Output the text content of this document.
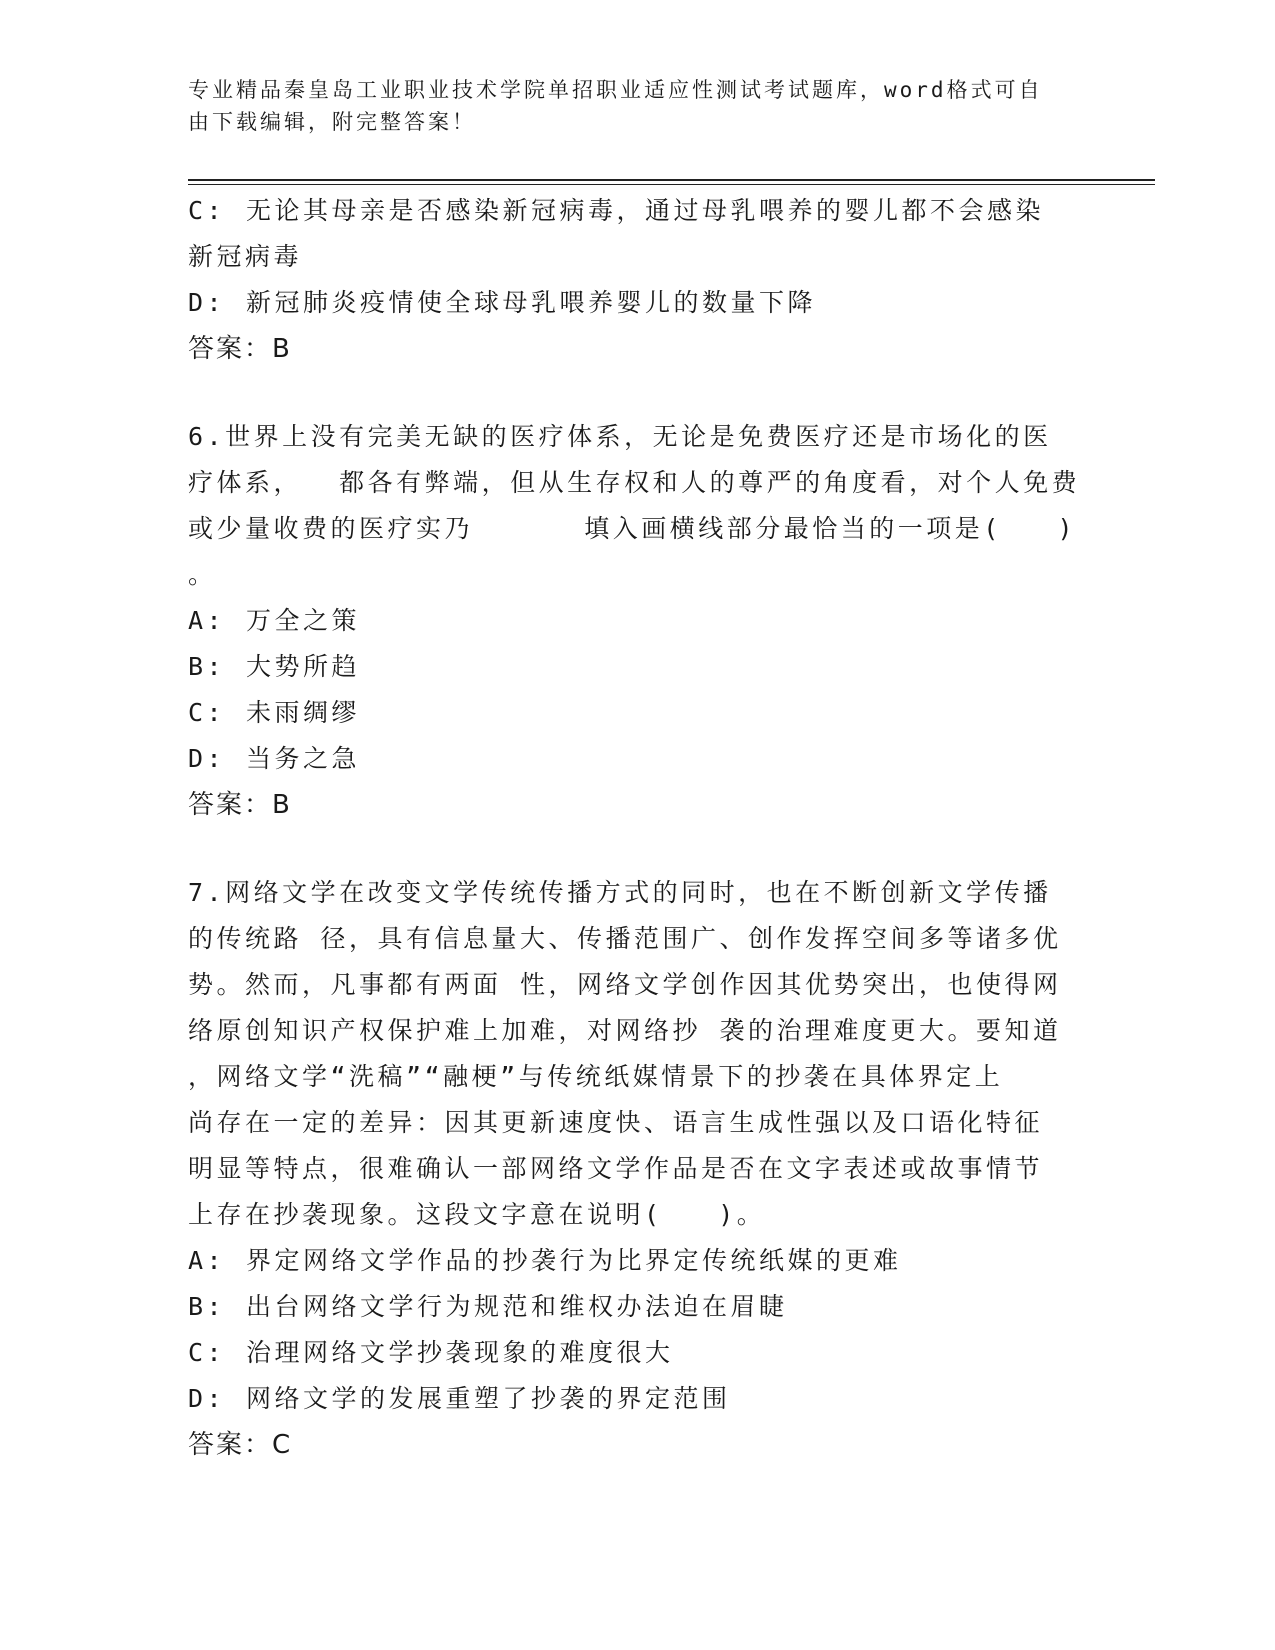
专业精品秦皇岛工业职业技术学院单招职业适应性测试考试题库，word格式可自
由下载编辑，附完整答案！
C: 无论其母亲是否感染新冠病毒，通过母乳喂养的婴儿都不会感染
新冠病毒
D: 新冠肺炎疫情使全球母乳喂养婴儿的数量下降
答案：B
6.世界上没有完美无缺的医疗体系，无论是免费医疗还是市场化的医
疗体系，  都各有弊端，但从生存权和人的尊严的角度看，对个人免费
或少量收费的医疗实乃      填入画横线部分最恰当的一项是(   )
。
A: 万全之策
B: 大势所趋
C: 未雨绸缪
D: 当务之急
答案：B
7.网络文学在改变文学传统传播方式的同时，也在不断创新文学传播
的传统路 径，具有信息量大、传播范围广、创作发挥空间多等诸多优
势。然而，凡事都有两面 性，网络文学创作因其优势突出，也使得网
络原创知识产权保护难上加难，对网络抄 袭的治理难度更大。要知道
，网络文学“洗稿”“融梗”与传统纸媒情景下的抄袭在具体界定上
尚存在一定的差异：因其更新速度快、语言生成性强以及口语化特征
明显等特点，很难确认一部网络文学作品是否在文字表述或故事情节
上存在抄袭现象。这段文字意在说明(   )。
A: 界定网络文学作品的抄袭行为比界定传统纸媒的更难
B: 出台网络文学行为规范和维权办法迫在眉睫
C: 治理网络文学抄袭现象的难度很大
D: 网络文学的发展重塑了抄袭的界定范围
答案：C
